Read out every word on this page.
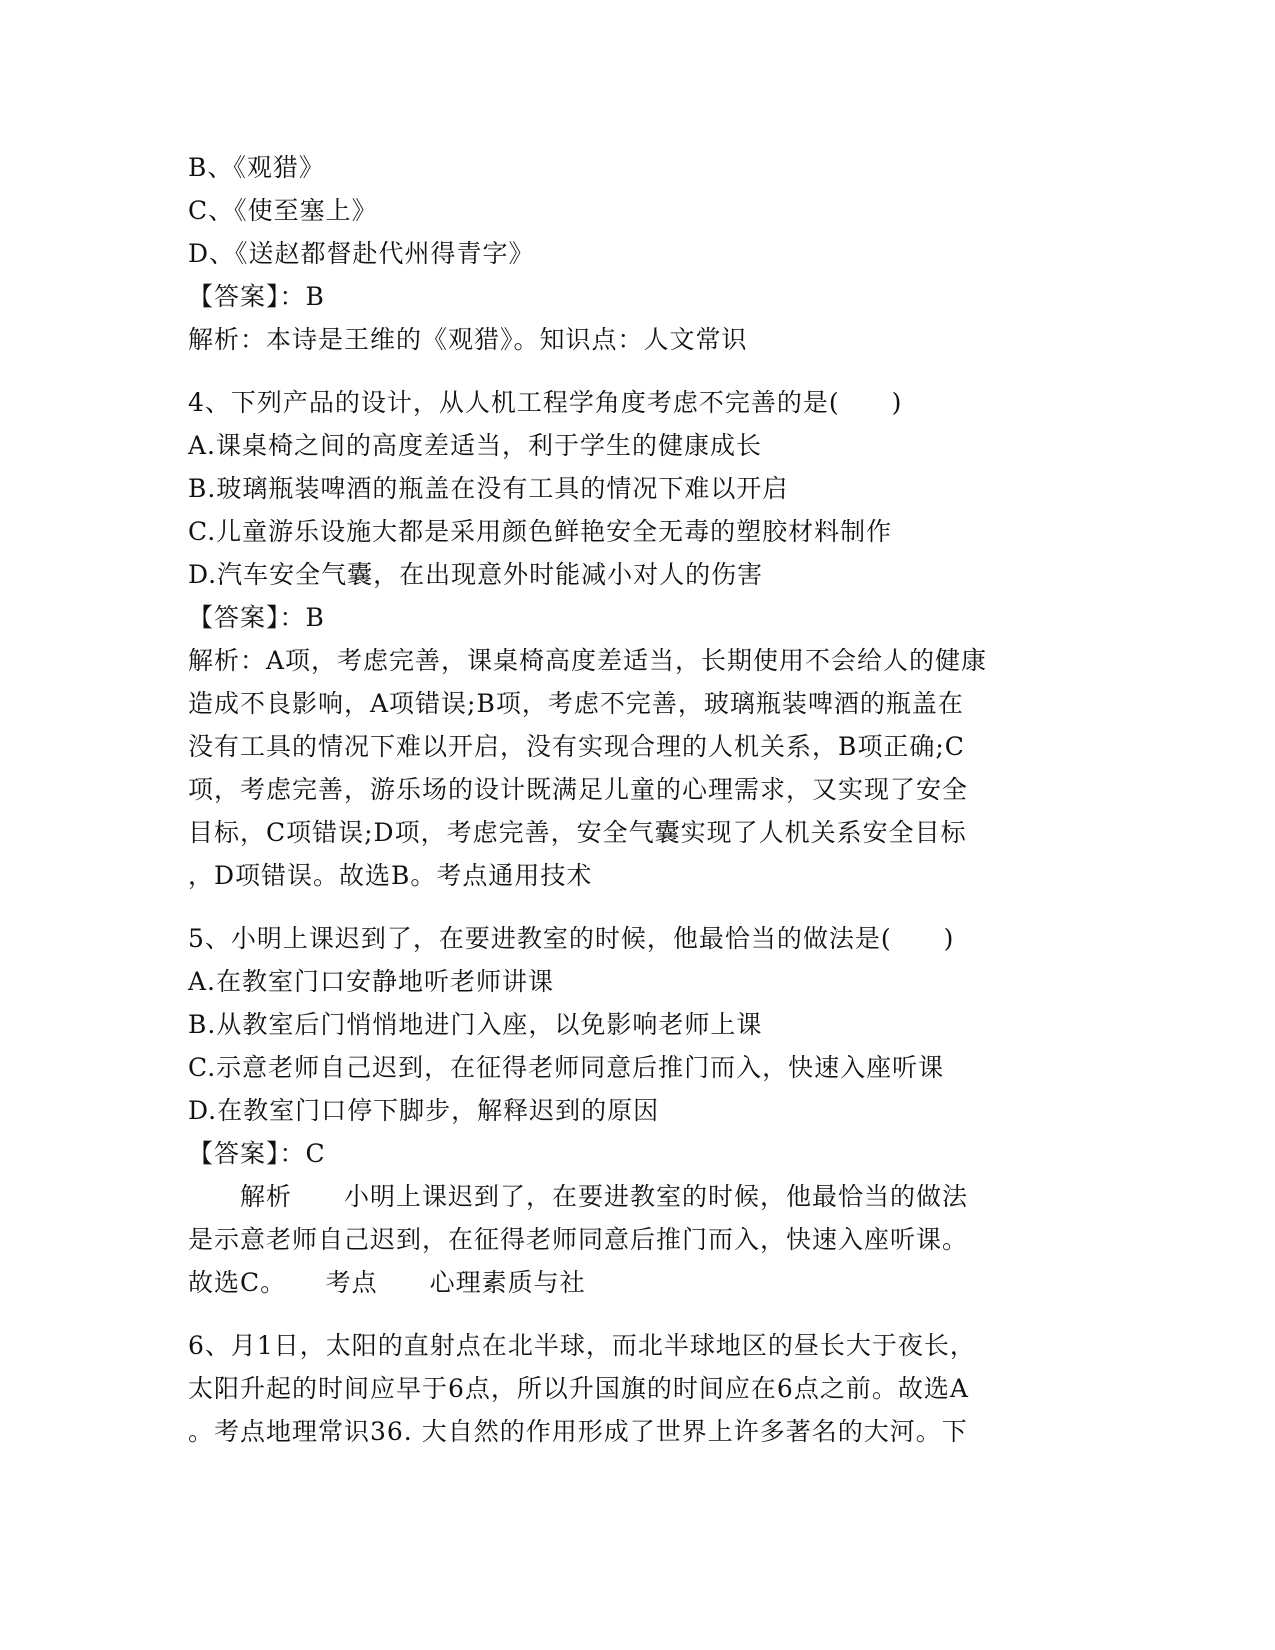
B、《观猎》
C、《使至塞上》
D、《送赵都督赴代州得青字》
【答案】：B
解析：本诗是王维的《观猎》。知识点：人文常识
4、下列产品的设计，从人机工程学角度考虑不完善的是(　　)
A.课桌椅之间的高度差适当，利于学生的健康成长
B.玻璃瓶装啤酒的瓶盖在没有工具的情况下难以开启
C.儿童游乐设施大都是采用颜色鲜艳安全无毒的塑胶材料制作
D.汽车安全气囊，在出现意外时能减小对人的伤害
【答案】：B
解析：A项，考虑完善，课桌椅高度差适当，长期使用不会给人的健康
造成不良影响，A项错误;B项，考虑不完善，玻璃瓶装啤酒的瓶盖在
没有工具的情况下难以开启，没有实现合理的人机关系，B项正确;C
项，考虑完善，游乐场的设计既满足儿童的心理需求，又实现了安全
目标，C项错误;D项，考虑完善，安全气囊实现了人机关系安全目标
，D项错误。故选B。考点通用技术
5、小明上课迟到了，在要进教室的时候，他最恰当的做法是(　　)
A.在教室门口安静地听老师讲课
B.从教室后门悄悄地进门入座，以免影响老师上课
C.示意老师自己迟到，在征得老师同意后推门而入，快速入座听课
D.在教室门口停下脚步，解释迟到的原因
【答案】：C
　　解析　　小明上课迟到了，在要进教室的时候，他最恰当的做法
是示意老师自己迟到，在征得老师同意后推门而入，快速入座听课。
故选C。　　考点　　心理素质与社
6、月1日，太阳的直射点在北半球，而北半球地区的昼长大于夜长，
太阳升起的时间应早于6点，所以升国旗的时间应在6点之前。故选A
。考点地理常识36. 大自然的作用形成了世界上许多著名的大河。下
